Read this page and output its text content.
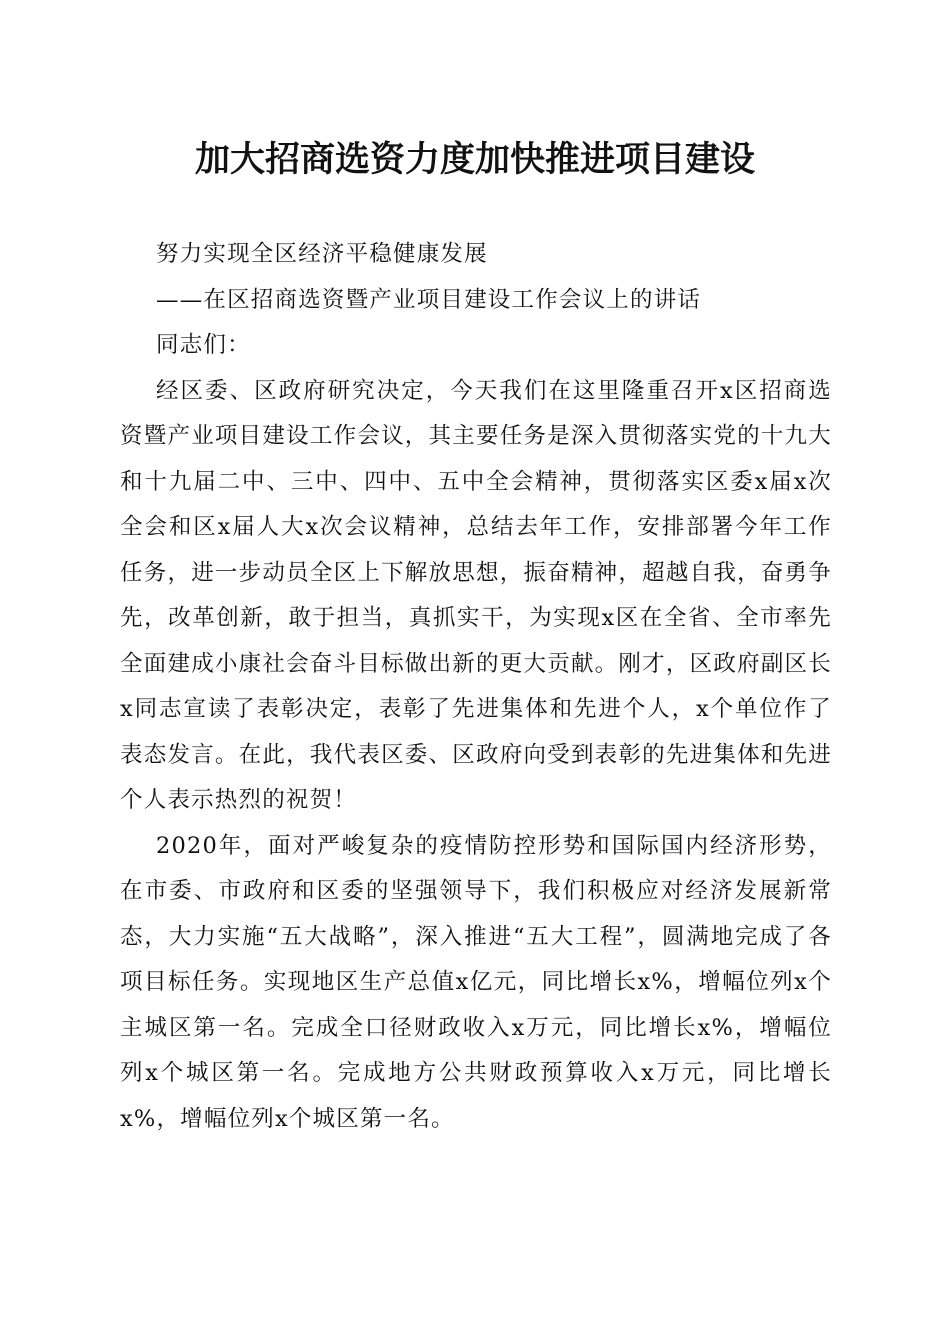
加大招商选资力度加快推进项目建设

努力实现全区经济平稳健康发展

——在区招商选资暨产业项目建设工作会议上的讲话

同志们：

经区委、区政府研究决定，今天我们在这里隆重召开x区招商选资暨产业项目建设工作会议，其主要任务是深入贯彻落实党的十九大和十九届二中、三中、四中、五中全会精神，贯彻落实区委x届x次全会和区x届人大x次会议精神，总结去年工作，安排部署今年工作任务，进一步动员全区上下解放思想，振奋精神，超越自我，奋勇争先，改革创新，敢于担当，真抓实干，为实现x区在全省、全市率先全面建成小康社会奋斗目标做出新的更大贡献。刚才，区政府副区长x同志宣读了表彰决定，表彰了先进集体和先进个人，x个单位作了表态发言。在此，我代表区委、区政府向受到表彰的先进集体和先进个人表示热烈的祝贺！

2020年，面对严峻复杂的疫情防控形势和国际国内经济形势，在市委、市政府和区委的坚强领导下，我们积极应对经济发展新常态，大力实施“五大战略”，深入推进“五大工程”，圆满地完成了各项目标任务。实现地区生产总值x亿元，同比增长x%，增幅位列x个主城区第一名。完成全口径财政收入x万元，同比增长x%，增幅位列x个城区第一名。完成地方公共财政预算收入x万元，同比增长x%，增幅位列x个城区第一名。
